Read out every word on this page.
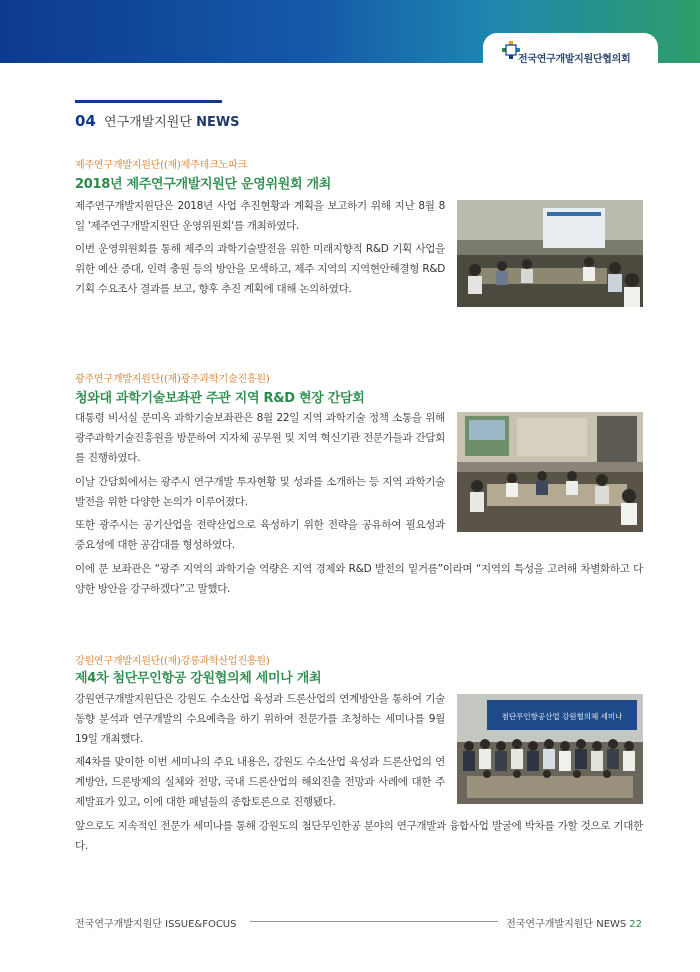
전국연구개발지원단협의회
04 연구개발지원단 NEWS
제주연구개발지원단((재)제주테크노파크
2018년 제주연구개발지원단 운영위원회 개최

제주연구개발지원단은 2018년 사업 추진현황과 계획을 보고하기 위해 지난 8월 8일 '제주연구개발지원단 운영위원회'를 개최하였다.

이번 운영위원회를 통해 제주의 과학기술발전을 위한 미래지향적 R&D 기획 사업을 위한 예산 증대, 인력 충원 등의 방안을 모색하고, 제주 지역의 지역현안해결형 R&D 기획 수요조사 결과를 보고, 향후 추진 계획에 대해 논의하였다.

광주연구개발지원단((재)광주과학기술진흥원)
청와대 과학기술보좌관 주관 지역 R&D 현장 간담회

대통령 비서실 문미옥 과학기술보좌관은 8월 22일 지역 과학기술 정책 소통을 위해 광주과학기술진흥원을 방문하여 지자체 공무원 및 지역 혁신기관 전문가들과 간담회를 진행하였다.

이날 간담회에서는 광주시 연구개발 투자현황 및 성과를 소개하는 등 지역 과학기술 발전을 위한 다양한 논의가 이루어졌다.

또한 광주시는 공기산업을 전략산업으로 육성하기 위한 전략을 공유하여 필요성과 중요성에 대한 공감대를 형성하였다.

이에 문 보좌관은 “광주 지역의 과학기술 역량은 지역 경제와 R&D 발전의 밑거름”이라며 “지역의 특성을 고려해 차별화하고 다양한 방안을 강구하겠다”고 말했다.

강원연구개발지원단((재)강릉과학산업진흥원)
제4차 첨단무인항공 강원협의체 세미나 개최

강원연구개발지원단은 강원도 수소산업 육성과 드론산업의 연계방안을 통하여 기술동향 분석과 연구개발의 수요예측을 하기 위하여 전문가를 초청하는 세미나를 9월 19일 개최했다.

제4차를 맞이한 이번 세미나의 주요 내용은, 강원도 수소산업 육성과 드론산업의 연계방안, 드론방제의 실체와 전망, 국내 드론산업의 해외진출 전망과 사례에 대한 주제발표가 있고, 이에 대한 패널들의 종합토론으로 진행됐다.

앞으로도 지속적인 전문가 세미나를 통해 강원도의 첨단무인한공 분야의 연구개발과 융합사업 발굴에 박차를 가할 것으로 기대한다.

첨단무인항공산업 강원협의체 세미나
전국연구개발지원단 ISSUE&FOCUS	전국연구개발지원단 NEWS 22
